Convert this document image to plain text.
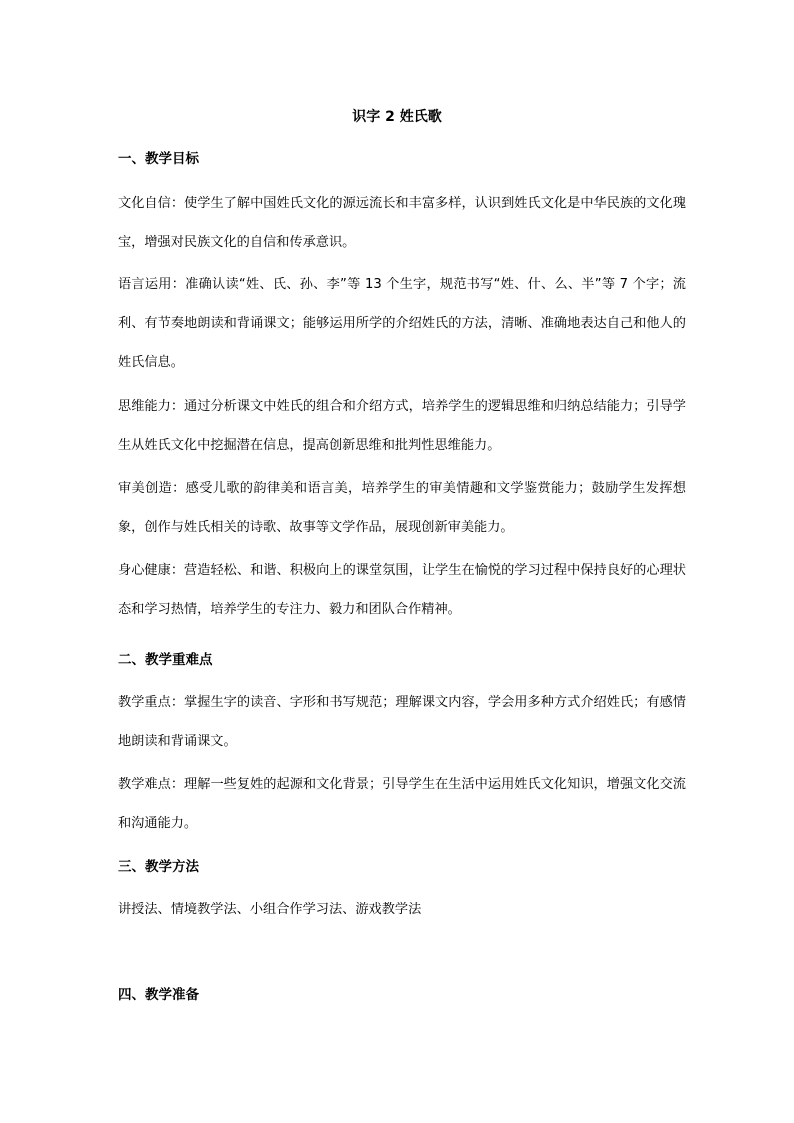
识字 2 姓氏歌
一、教学目标
文化自信：使学生了解中国姓氏文化的源远流长和丰富多样，认识到姓氏文化是中华民族的文化瑰宝，增强对民族文化的自信和传承意识。
语言运用：准确认读“姓、氏、孙、李”等 13 个生字，规范书写“姓、什、么、半”等 7 个字；流利、有节奏地朗读和背诵课文；能够运用所学的介绍姓氏的方法，清晰、准确地表达自己和他人的姓氏信息。
思维能力：通过分析课文中姓氏的组合和介绍方式，培养学生的逻辑思维和归纳总结能力；引导学生从姓氏文化中挖掘潜在信息，提高创新思维和批判性思维能力。
审美创造：感受儿歌的韵律美和语言美，培养学生的审美情趣和文学鉴赏能力；鼓励学生发挥想象，创作与姓氏相关的诗歌、故事等文学作品，展现创新审美能力。
身心健康：营造轻松、和谐、积极向上的课堂氛围，让学生在愉悦的学习过程中保持良好的心理状态和学习热情，培养学生的专注力、毅力和团队合作精神。
二、教学重难点
教学重点：掌握生字的读音、字形和书写规范；理解课文内容，学会用多种方式介绍姓氏；有感情地朗读和背诵课文。
教学难点：理解一些复姓的起源和文化背景；引导学生在生活中运用姓氏文化知识，增强文化交流和沟通能力。
三、教学方法
讲授法、情境教学法、小组合作学习法、游戏教学法
四、教学准备
